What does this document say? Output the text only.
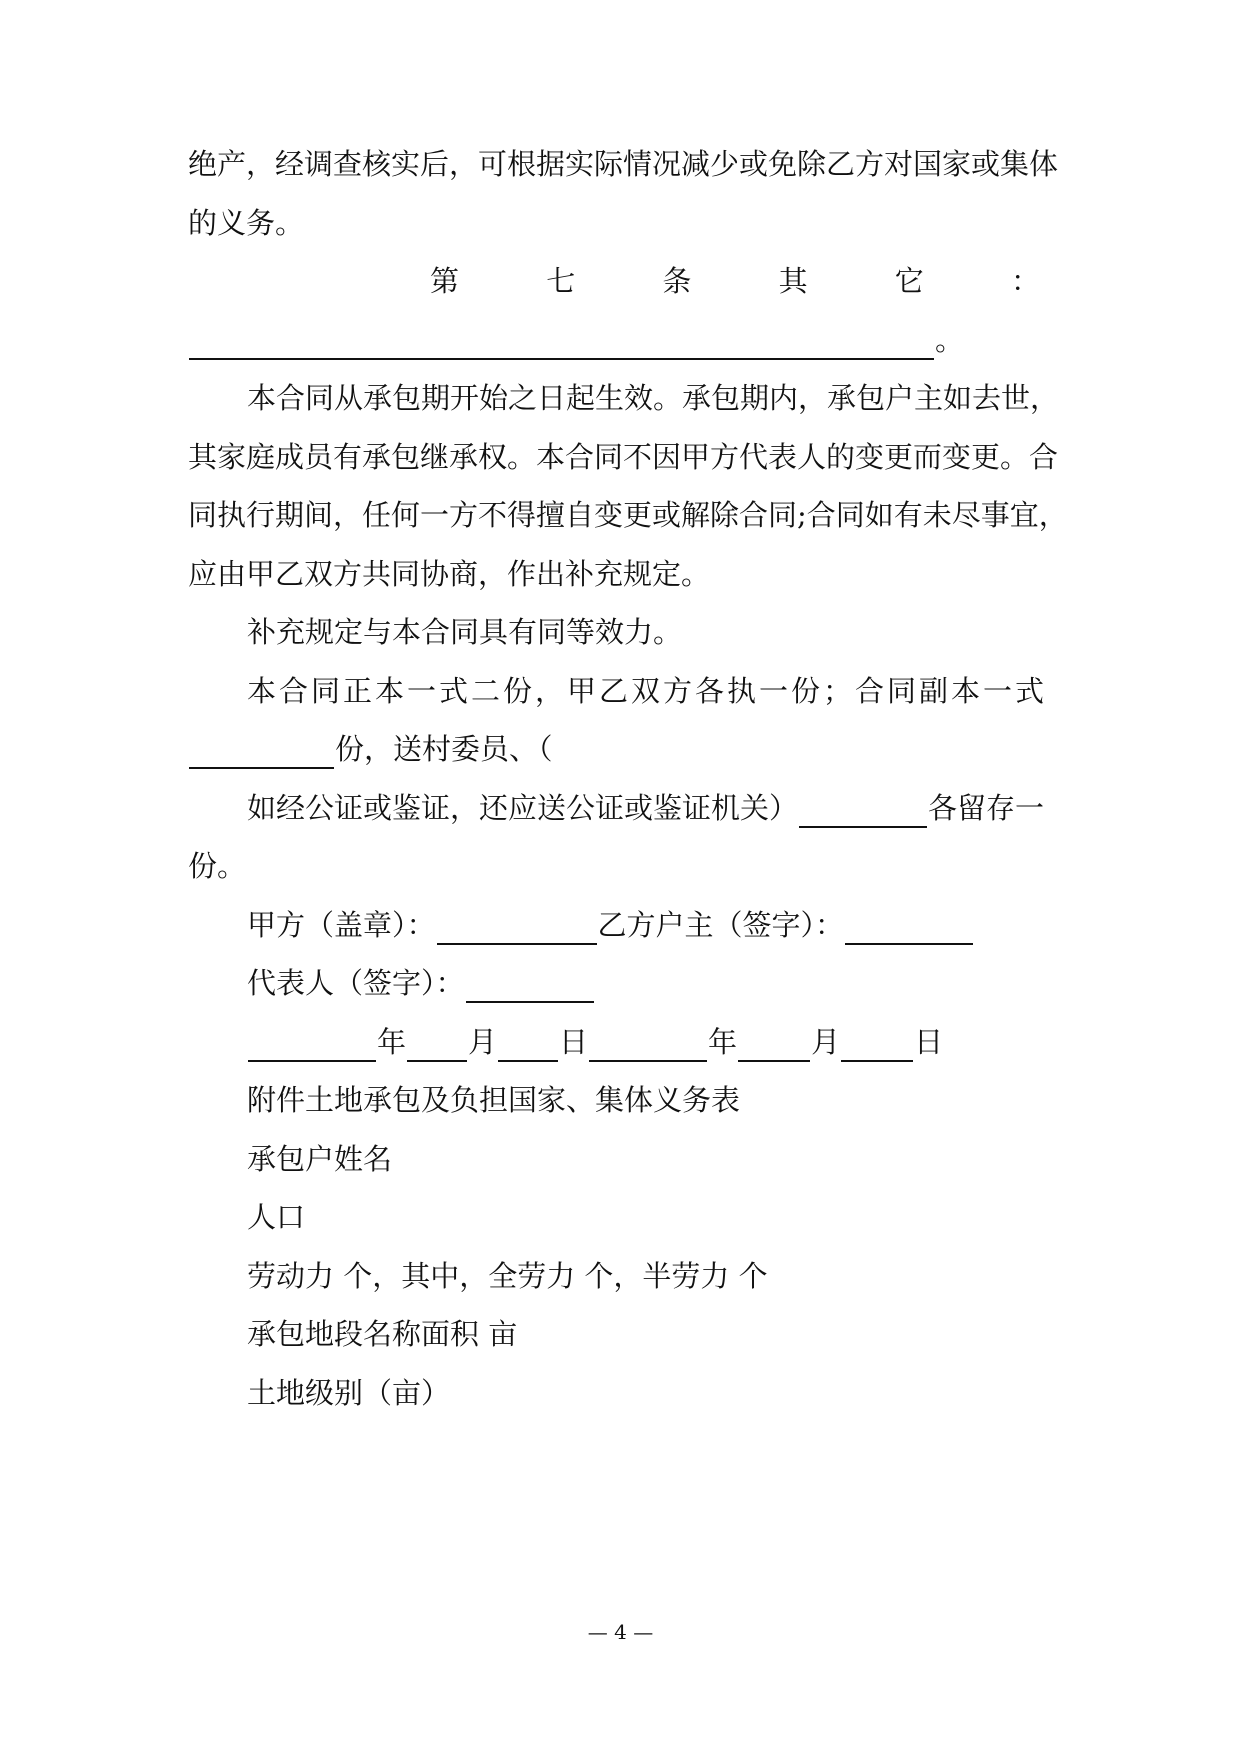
绝产，经调查核实后，可根据实际情况减少或免除乙方对国家或集体
的义务。
第	七	条	其	它	：
。
本合同从承包期开始之日起生效。承包期内，承包户主如去世，
其家庭成员有承包继承权。本合同不因甲方代表人的变更而变更。合
同执行期间，任何一方不得擅自变更或解除合同;合同如有未尽事宜，
应由甲乙双方共同协商，作出补充规定。
补充规定与本合同具有同等效力。
本合同正本一式二份，甲乙双方各执一份；合同副本一式
份，送村委员、（
如经公证或鉴证，还应送公证或鉴证机关）	各留存一
份。
甲方（盖章）：	乙方户主（签字）：
代表人（签字）：
年 月 日	年	月	日
附件土地承包及负担国家、集体义务表
承包户姓名
人口
劳动力 个，其中，全劳力 个，半劳力 个
承包地段名称面积 亩
土地级别（亩）
— 4 —
